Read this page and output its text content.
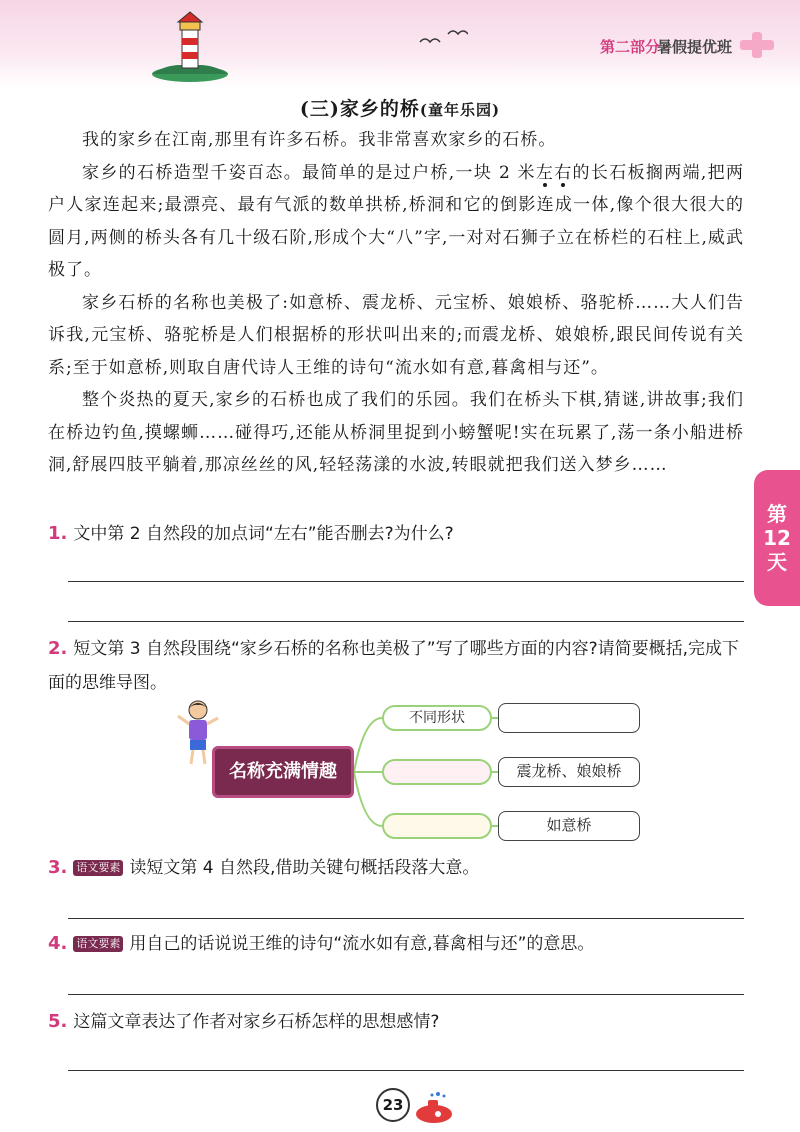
第二部分
暑假提优班
(三)家乡的桥(童年乐园)

我的家乡在江南,那里有许多石桥。我非常喜欢家乡的石桥。

家乡的石桥造型千姿百态。最简单的是过户桥,一块 2 米左右的长石板搁两端,把两户人家连起来;最漂亮、最有气派的数单拱桥,桥洞和它的倒影连成一体,像个很大很大的圆月,两侧的桥头各有几十级石阶,形成个大“八”字,一对对石狮子立在桥栏的石柱上,威武极了。

家乡石桥的名称也美极了:如意桥、震龙桥、元宝桥、娘娘桥、骆驼桥……大人们告诉我,元宝桥、骆驼桥是人们根据桥的形状叫出来的;而震龙桥、娘娘桥,跟民间传说有关系;至于如意桥,则取自唐代诗人王维的诗句“流水如有意,暮禽相与还”。

整个炎热的夏天,家乡的石桥也成了我们的乐园。我们在桥头下棋,猜谜,讲故事;我们在桥边钓鱼,摸螺蛳……碰得巧,还能从桥洞里捉到小螃蟹呢!实在玩累了,荡一条小船进桥洞,舒展四肢平躺着,那凉丝丝的风,轻轻荡漾的水波,转眼就把我们送入梦乡……

第
12
天
1. 文中第 2 自然段的加点词“左右”能否删去?为什么?
2. 短文第 3 自然段围绕“家乡石桥的名称也美极了”写了哪些方面的内容?请简要概括,完成下面的思维导图。
名称充满情趣
不同形状
震龙桥、娘娘桥
如意桥
3. 语文要素 读短文第 4 自然段,借助关键句概括段落大意。
4. 语文要素 用自己的话说说王维的诗句“流水如有意,暮禽相与还”的意思。
5. 这篇文章表达了作者对家乡石桥怎样的思想感情?
23
